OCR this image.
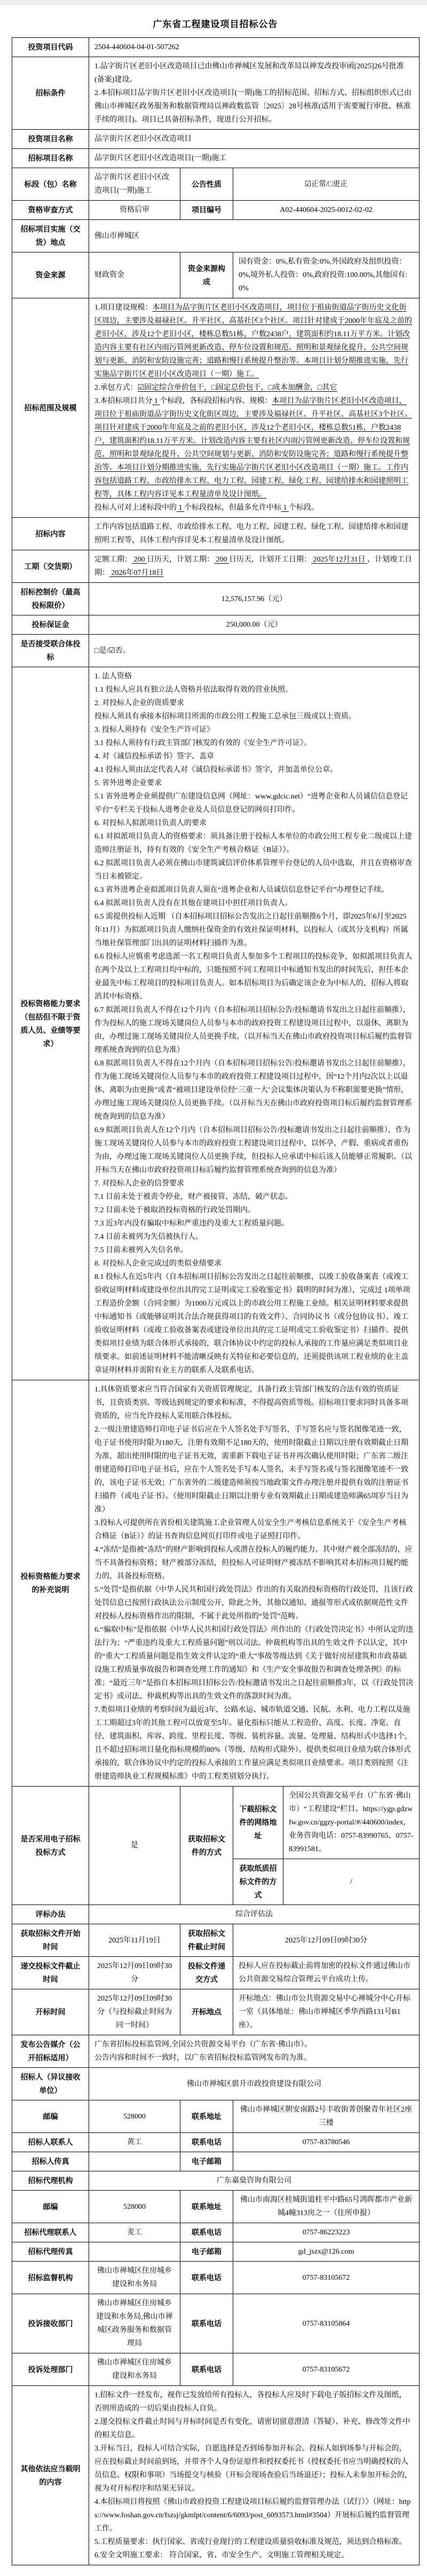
广东省工程建设项目招标公告
投资项目代码	2504-440604-04-01-507262			

招标条件	1.品字街片区老旧小区改造项目已由佛山市禅城区发展和改革局以禅发改投审函[2025]26号批准(备案)建设。
2.本招标项目品字街片区老旧小区改造项目(一期)施工的招标范围、招标方式、招标组织形式已由佛山市禅城区政务服务和数据管理局以禅政数监管〔2025〕28号核准(适用于需要履行审批、核准手续的项目)。项目已具备招标条件，现进行公开招标。			

投资项目名称	品字街片区老旧小区改造项目			

招标项目名称	品字街片区老旧小区改造项目(一期)施工			

标段（包）名称	品字街片区老旧小区改造项目(一期)施工	公告性质	☑正常/□更正	

资格审查方式	资格后审	项目编号	A02-440604-2025-0012-02-02	

招标项目实施（交货）地点	佛山市禅城区			

资金来源	财政资金	资金来源构成	国有资金：0%,私有资金:0%,外国政府及组织投资：0%,境外私人投资：0%,政府投资:100.00%,其他国有:0%	

招标范围及规模	1.项目建设规模：本项目为品字街片区老旧小区改造项目，项目位于祖庙街道品字街历史文化街区周边，主要涉及福禄社区、升平社区、高基社区3个社区。项目针对建成于2000年年底及之前的老旧小区，涉及12个老旧小区，楼栋总数51栋，户数2438户，建筑面积约18.11万平方米。计划改造内容主要有社区内雨污管网更新改造、停车位设置和规范、照明和景观绿化提升、公共空间规划与更新、消防和安防设施完善；道路和慢行系统提升整治等。本项目计划分期推进实施，先行实施品字街片区老旧小区改造项目（一期）施工。
2.承包方式：☑固定综合单价包干，□固定总价包干，□成本加酬金，□其它
3.本招标项目共分 1 个标段，各标段招标内容、规模：本项目为品字街片区老旧小区改造项目，项目位于祖庙街道品字街历史文化街区周边，主要涉及福禄社区、升平社区、高基社区3个社区。项目针对建成于2000年年底及之前的老旧小区，涉及12个老旧小区，楼栋总数51栋，户数2438户，建筑面积约18.11万平方米。计划改造内容主要有社区内雨污管网更新改造、停车位设置和规范、照明和景观绿化提升、公共空间规划与更新、消防和安防设施完善；道路和慢行系统提升整治等。本项目计划分期推进实施，先行实施品字街片区老旧小区改造项目（一期）施工。工作内容包括道路工程、市政给排水工程、电力工程、园建工程、绿化工程、园建给排水和园建照明工程等，具体工程内容详见本工程量清单及设计图纸。
投标人可对上述标段中的 1 个标段投标，但最多允许中标 1 个标段。			

招标内容	工作内容包括道路工程、市政给排水工程、电力工程、园建工程、绿化工程、园建给排水和园建照明工程等，具体工程内容详见本工程量清单及设计图纸。			

工期（交货期）	定额工期： 200 日历天，计划工期： 200 日历天，计划开工日期： 2025年12月31日 ，计划竣工日期： 2026年07月18日			

招标控制价（最高投标限价）	12,576,157.96（元）			

投标保证金	250,000.00（元）			

是否接受联合体投标	□是/☑否。			

投标资格能力要求（包括但不限于资质人员、业绩等要求）

1. 法人资格
1.1 投标人应具有独立法人资格并依法取得有效的营业执照。
2. 对投标人企业的资质要求
投标人须具有承接本招标项目所需的市政公用工程施工总承包三级或以上资质。
3. 投标人须持有《安全生产许可证》
3.1 投标人须持有行政主管部门核发的有效的《安全生产许可证》。
4. 对《诚信投标承诺书》签字、盖章
4.1 投标人须由法定代表人对《诚信投标承诺书》签字，并加盖单位公章。
5. 省外进粤企业要求
5.1 省外进粤企业须提供广东建设信息网（网址：www.gdcic.net）“进粤企业和人员诚信信息登记平台”专栏关于投标人进粤企业及人员信息登记的网页打印件。
6. 对投标人拟派项目负责人的要求
6.1 对拟派项目负责人的资格要求：须具备注册于投标人本单位的市政公用工程专业二级或以上建造师注册证书，持有有效的《安全生产考核合格证（B证）》。
6.2 拟派项目负责人必须在佛山市建筑诚信评价体系管理平台登记的人员中选取，并且在资格审查当日未被锁定。
6.3 省外进粤企业拟派项目负责人须在“进粤企业和人员诚信信息登记平台”办理登记手续。
6.4 拟派项目负责人没有在其他在建项目中担任项目负责人。
6.5 需提供投标人近期 （自本招标项目招标公告发出之日起往前顺推6个月，即2025年6月至2025年11月）为拟派项目负责人缴纳社保资金的有效社保证明材料，以投标人（或其分支机构）所属当地社保管理部门出具的证明材料扫描件为准。
6.6 投标人应慎重考虑选派一名工程项目负责人参加多个工程项目的投标竞争，如拟派项目负责人在两个及以上工程项目均中标的，只能按照不同工程项目中标通知书发出的时间先后，担任本企业最先中标工程项目的投标项目负责人。如本招标项目为后确定该企业为中标人的，招标人将取消其中标资格。
6.7 拟派项目负责人不得在12个月内（自本招标项目招标公告/投标邀请书发出之日起往前顺推），作为投标人的施工现场关键岗位人员参与本市的政府投资工程建设项目过程中，以退休、离职为由，办理过施工现场关键岗位人员更换手续。（以开标当天在佛山市政府投资项目标后履约监督管理系统查询到的信息为准）
6.8 拟派项目负责人不得在12个月内（自本招标项目招标公告/投标邀请书发出之日起往前顺推），作为施工现场关键岗位人员参与本市的政府投资工程建设项目过程中，因“12个月内2次以上以退休、离职为由更换”或者“被项目建设单位经‘三重一大’会议集体决策认为不称职需要更换”情形，办理过施工现场关键岗位人员更换手续。（以开标当天在佛山市政府投资项目标后履约监督管理系统查询到的信息为准）
6.9 拟派项目负责人在12个月内（自本招标项目招标公告/投标邀请书发出之日起往前顺推），作为施工现场关键岗位人员参与本市的政府投资工程建设项目过程中，以怀孕、产假、重病或者重伤为由，办理过施工现场关键岗位人员更换手续，但投标人应承诺中标后该人员能够正常履职。（以开标当天在佛山市政府投资项目标后履约监督管理系统查询到的信息为准）
7. 对投标人企业的信誉要求
7.1 目前未处于被责令停业，财产被接管、冻结，破产状态。
7.2 目前未处于被取消投标资格的行政处罚期内。
7.3 近3年内没有骗取中标和严重违约及重大工程质量问题。
7.4 目前未被列为失信被执行人。
7.5 目前未被列入失信名单。
8. 对投标人企业完成过的类似业绩要求
8.1 投标人在近5年内（自本招标项目招标公告发出之日起往前顺推，以竣工验收备案表（或竣工验收证明材料或建设单位出具的完工证明或完工验收鉴定书）载明的时间为准），完成过 1项单项工程造价金额（合同金额）为1000万元或以上的市政公用工程施工业绩。相关证明材料要求提供中标通知书（或能够证明其合法合规获得项目的有效文件）、合同协议书（或分包协议书）、竣工验收证明材料（或竣工验收备案表或建设单位出具的完工证明或完工验收鉴定书）扫描件。提供类似项目业绩为联合体形式承接的，联合体协议中约定的投标人承接的工作量应满足类似项目业绩要求。如前述证明材料不能清晰反映有关特征和必要信息的，还须提供该项工程业绩的业主盖章证明材料并需附有业主方的联系人及联系电话。

投标资格能力要求的补充说明

1.具体资质要求应当符合国家有关资质管理规定，具备行政主管部门核发的合法有效的资质证书，且资质类别、等级达到规定的要求和标准，不得提高资质等级。招标项目要求同时具备多项资质的，应当允许投标人采用联合体投标。
2.一级注册建造师打印电子证书后应在个人签名处手写签名，手写签名应与签名图像笔迹一致，电子证书使用时限为180天，注册有效期不足180天的，使用时限截止日期以注册有效期截止日期为准，超出使用时限的电子证书无效，需重新下载电子证书并再次确认使用时限；广东省二级注册建造师打印电子证书后，应在个人签名处手写本人签名，未手写签名或与签名图像笔迹不一致的，该电子证书无效；广东省外的二级建造师须按当地政策文件办理注册并提供有效的注册证书扫描件（或电子证书）。（使用时限截止日期以注册专业有效期截止日期或建造师满65周岁当日为准）
3.投标人可提供所在省份相关建筑施工企业管理人员安全生产考核信息系统关于《安全生产考核合格证（B证）》的证书查询信息网页打印件或电子证照打印件。
4.“冻结”是指被“冻结”的财产影响到投标人或潜在投标人的履约能力。其中财产被全部冻结的，应当不具备投标资格；财产被部分冻结，但投标人可证明财产被冻结不影响其对本招标项目履约能力的，具备投标资格。
5.“处罚”是指依据《中华人民共和国行政处罚法》作出的有关取消投标资格的行政处罚，且该行政处罚信息已按照行政执法公示制度公开，除此之外，其他以通知、通报等形式或依据规范性文件对投标人投标资格作出的限制，不属于此处所指的“处罚”范畴。
6.“骗取中标”是指依据《中华人民共和国行政处罚法》所作出的《行政处罚决定书》中所认定的违法行为；“严重违约及重大工程质量问题”则以司法、仲裁机构等出具的生效文件予以认定，其中的“重大”工程质量问题是指生效文件认定的“重大”事故等级达到《关于做好房屋建筑和市政基础设施工程质量事故报告和调查处理工作的通知》和《生产安全事故报告和调查处理条例》的标准；“最近三年”是指自本招标项目招标公告/投标邀请书发出之日起往前顺推3年，以《行政处罚决定书》或司法、仲裁机构等出具的生效文件的落款时间为准。
7.类似项目业绩的考察时间为最近3年，公路水运、城市轨道交通、民航、水利、电力工程以及施工工期超过3年的其他工程可以放宽至5年。量化指标只能从工程造价、高度、长度、净宽、直径、建筑面积、库容、跨度、里程长度、等级、装机容量、流量、处理量、结构形式中选择1个，且不超过招标项目量化指标规模的80%（等级、结构形式除外）。提供类似项目业绩为联合体形式承接的，联合体协议中约定的投标人承接的工作量应满足类似项目业绩要求。项目类别按照《注册建造师执业工程规模标准》中的工程类别划分执行。

是否采用电子招标投标方式	是	获取招标文件的方式	下载招标文件的网络地址	全国公共资源交易平台（广东省·佛山市）“工程建设”栏目。https://ygp.gdzwfw.gov.cn/ggzy-portal/#/440600/index，业务咨询电话：0757-83990765、0757-83991581。

			获取纸质招标文件的方式	/

评标办法	综合评估法			

获取招标文件开始时间	2025年11月19日	获取招标文件截止时间	2025年12月09日09时30分	

递交投标文件截止时间	2025年12月09日09时30分	投标文件递交方式	投标人应在投标截止前将加密的投标文件通过佛山市公共资源交易综合管理云平台成功上传。	

开标时间	2025年12月09日09时30分（与投标截止时间为同一时间）	开标地点	开标地点：佛山市公共资源交易中心禅城分中心开标一室（具体地址：佛山市禅城区季华西路131号B1座）。	

发布公告媒介（公开招标适用）	广东省招标投标监管网,全国公共资源交易平台（广东省·佛山市）。
公告内容和时间不一致时，以广东省招标投标监管网发布的为准。			

招标人（异议接收单位）	佛山市禅城区骐升市政投资建设有限公司			

邮编	528000	联系地址	佛山市禅城区朝安南路2号丰收街菁创聚青年社区2座三楼	

招标人联系人	黄工	联系电话	0757-83780546	

招标人传真		电子邮箱		

招标代理机构	广东嘉燊咨询有限公司			

邮编	528000	联系地址	佛山市南海区桂城街道桂平中路65号鸿晖都市产业新城4幢313房之一（住所申报）	

招标代理联系人	麦工	联系电话	0757-86223223	

招标代理传真		电子邮箱	gd_jszx@126.com	

招标监督机构	佛山市禅城区住房城乡建设和水务局	联系电话	0757-83105672	

投诉接收部门	佛山市禅城区住房城乡建设和水务局,佛山市禅城区政务服务和数据管理局	联系电话	0757-83105864	

投诉处理部门	佛山市禅城区住房城乡建设和水务局	联系电话	0757-83105672	

其他依法应当载明的内容

1.招标文件一经发布，视作已发放给所有投标人，各投标人应及时下载电子版招标文件及图纸，否则所造成的一切后果由投标人自负。
2.递交投标文件截止时间与开标时间是否有变化，请密切留意澄清（答疑）、补充、修改等文件中的相关信息。
3.开标当日，投标人可结合实际，自愿选择是否到场参加开标会。投标人如到场参与开标会的，应在投标截止时间前到场，并带齐个人身份证原件和授权委托书（授权委托书应当明确授权的人员信息、权限和事项）当场提交与核验（开标会现场查验后当场退还）；投标人未参加开标会的，视为对开标程序和结果无异议。
4.本招标项目将按照《佛山市政府投资工程建设项目标后履约监督管理办法（试行）》（网址：https://www.foshan.gov.cn/fszsj/gkmlpt/content/6/6093/post_6093573.html#3504）开展标后履约监督管理工作。
5.工程质量要求：执行国家、省或行业现行的工程建设质量验收标准及规范，须达到合格标准。
6.安全文明施工要求： 符合国家、省、市安全生产、文明施工管理相关规定。
